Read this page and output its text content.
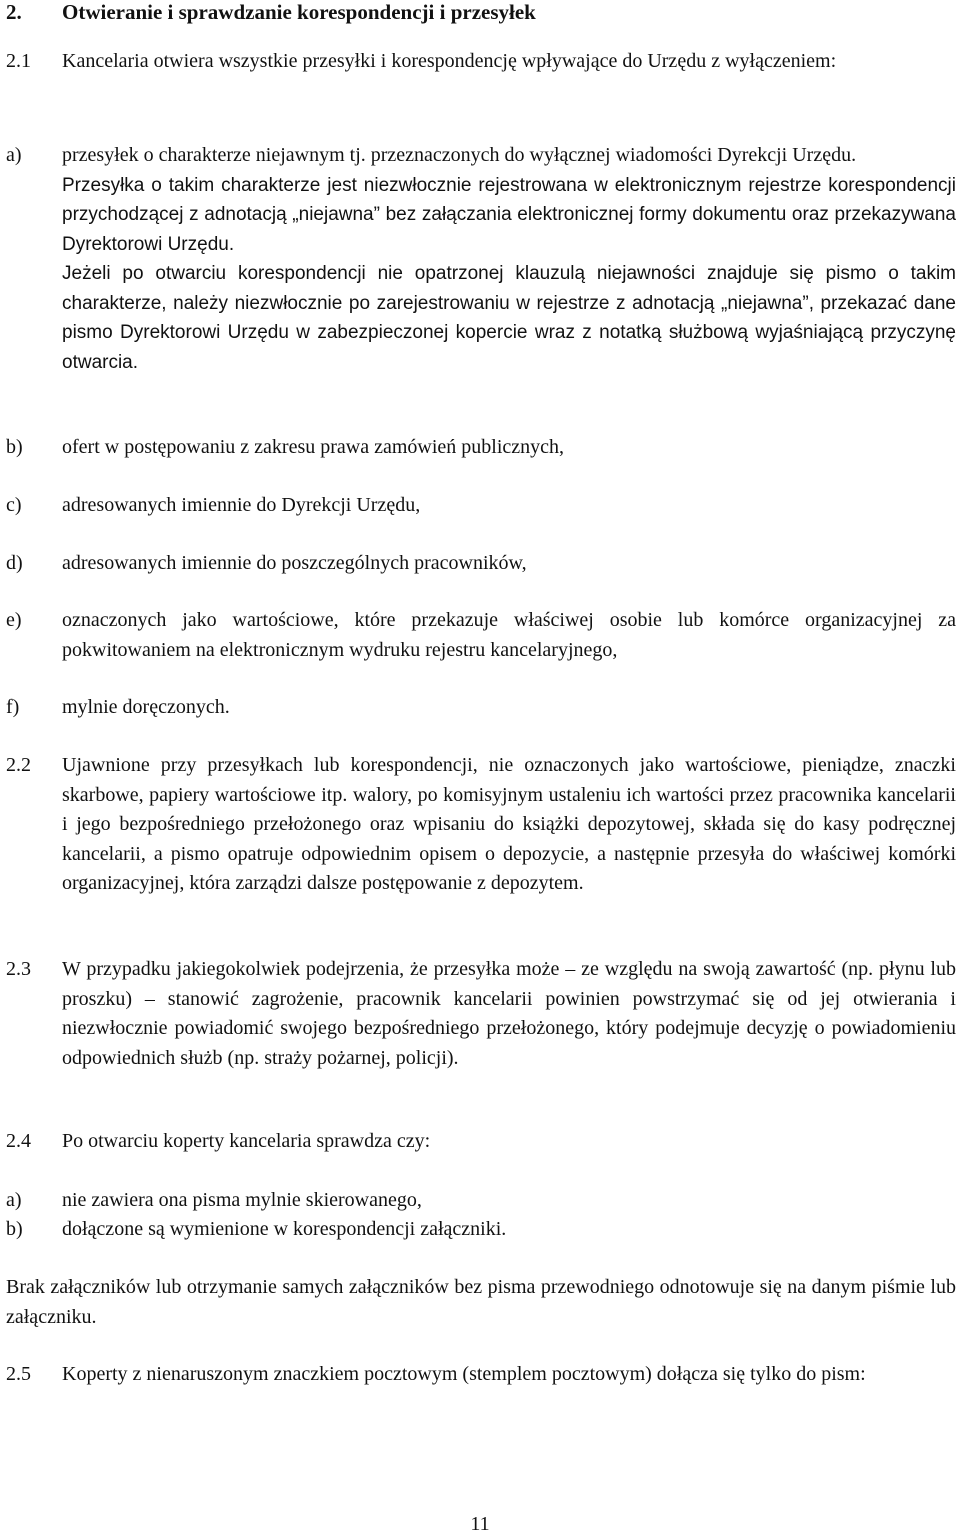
2. Otwieranie i sprawdzanie korespondencji i przesyłek
2.1	Kancelaria otwiera wszystkie przesyłki i korespondencję wpływające do Urzędu z wyłączeniem:
a)	przesyłek o charakterze niejawnym tj. przeznaczonych do wyłącznej wiadomości Dyrekcji Urzędu.
Przesyłka o takim charakterze jest niezwłocznie rejestrowana w elektronicznym rejestrze korespondencji przychodzącej z adnotacją „niejawna” bez załączania elektronicznej formy dokumentu oraz przekazywana Dyrektorowi Urzędu.
Jeżeli po otwarciu korespondencji nie opatrzonej klauzulą niejawności znajduje się pismo o takim charakterze, należy niezwłocznie po zarejestrowaniu w rejestrze z adnotacją „niejawna”, przekazać dane pismo Dyrektorowi Urzędu w zabezpieczonej kopercie wraz z notatką służbową wyjaśniającą przyczynę otwarcia.
b)	ofert w postępowaniu z zakresu prawa zamówień publicznych,
c)	adresowanych imiennie do Dyrekcji Urzędu,
d)	adresowanych imiennie do poszczególnych pracowników,
e)	oznaczonych jako wartościowe, które przekazuje właściwej osobie lub komórce organizacyjnej za pokwitowaniem na elektronicznym wydruku rejestru kancelaryjnego,
f)	mylnie doręczonych.
2.2	Ujawnione przy przesyłkach lub korespondencji, nie oznaczonych jako wartościowe, pieniądze, znaczki skarbowe, papiery wartościowe itp. walory, po komisyjnym ustaleniu ich wartości przez pracownika kancelarii i jego bezpośredniego przełożonego oraz wpisaniu do książki depozytowej, składa się do kasy podręcznej kancelarii, a pismo opatruje odpowiednim opisem o depozycie, a następnie przesyła do właściwej komórki organizacyjnej, która zarządzi dalsze postępowanie z depozytem.
2.3	W przypadku jakiegokolwiek podejrzenia, że przesyłka może – ze względu na swoją zawartość (np. płynu lub proszku) – stanowić zagrożenie, pracownik kancelarii powinien powstrzymać się od jej otwierania i niezwłocznie powiadomić swojego bezpośredniego przełożonego, który podejmuje decyzję o powiadomieniu odpowiednich służb (np. straży pożarnej, policji).
2.4	Po otwarciu koperty kancelaria sprawdza czy:
a)	nie zawiera ona pisma mylnie skierowanego,
b)	dołączone są wymienione w korespondencji załączniki.
Brak załączników lub otrzymanie samych załączników bez pisma przewodniego odnotowuje się na danym piśmie lub załączniku.
2.5	Koperty z nienaruszonym znaczkiem pocztowym (stemplem pocztowym) dołącza się tylko do pism:
11
